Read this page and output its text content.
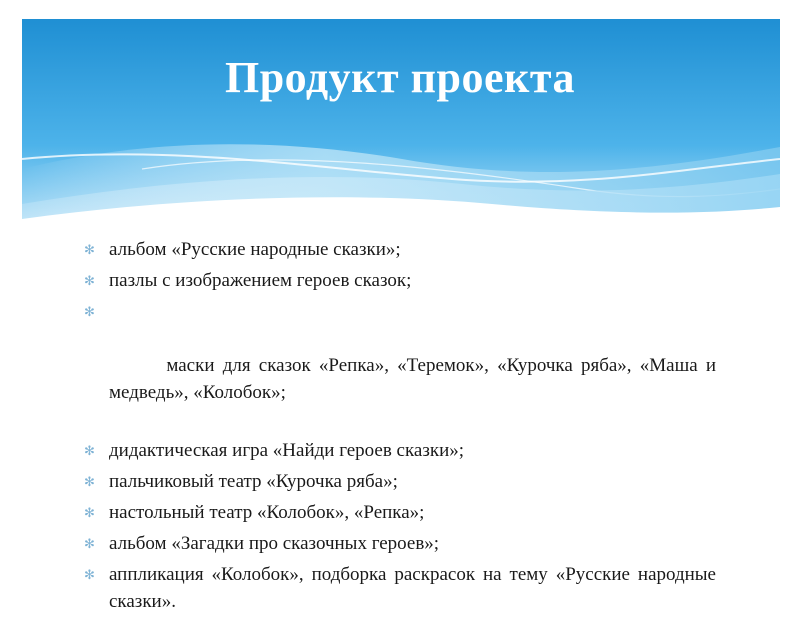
Продукт проекта
✻ альбом «Русские народные сказки»;
✻ пазлы с изображением героев сказок;

✻

маски для сказок «Репка», «Теремок», «Курочка ряба», «Маша и медведь», «Колобок»;

✻ дидактическая игра «Найди героев сказки»;
✻ пальчиковый театр «Курочка ряба»;
✻ настольный театр «Колобок», «Репка»;
✻ альбом «Загадки про сказочных героев»;
✻ аппликация «Колобок», подборка раскрасок на тему «Русские народные сказки».
